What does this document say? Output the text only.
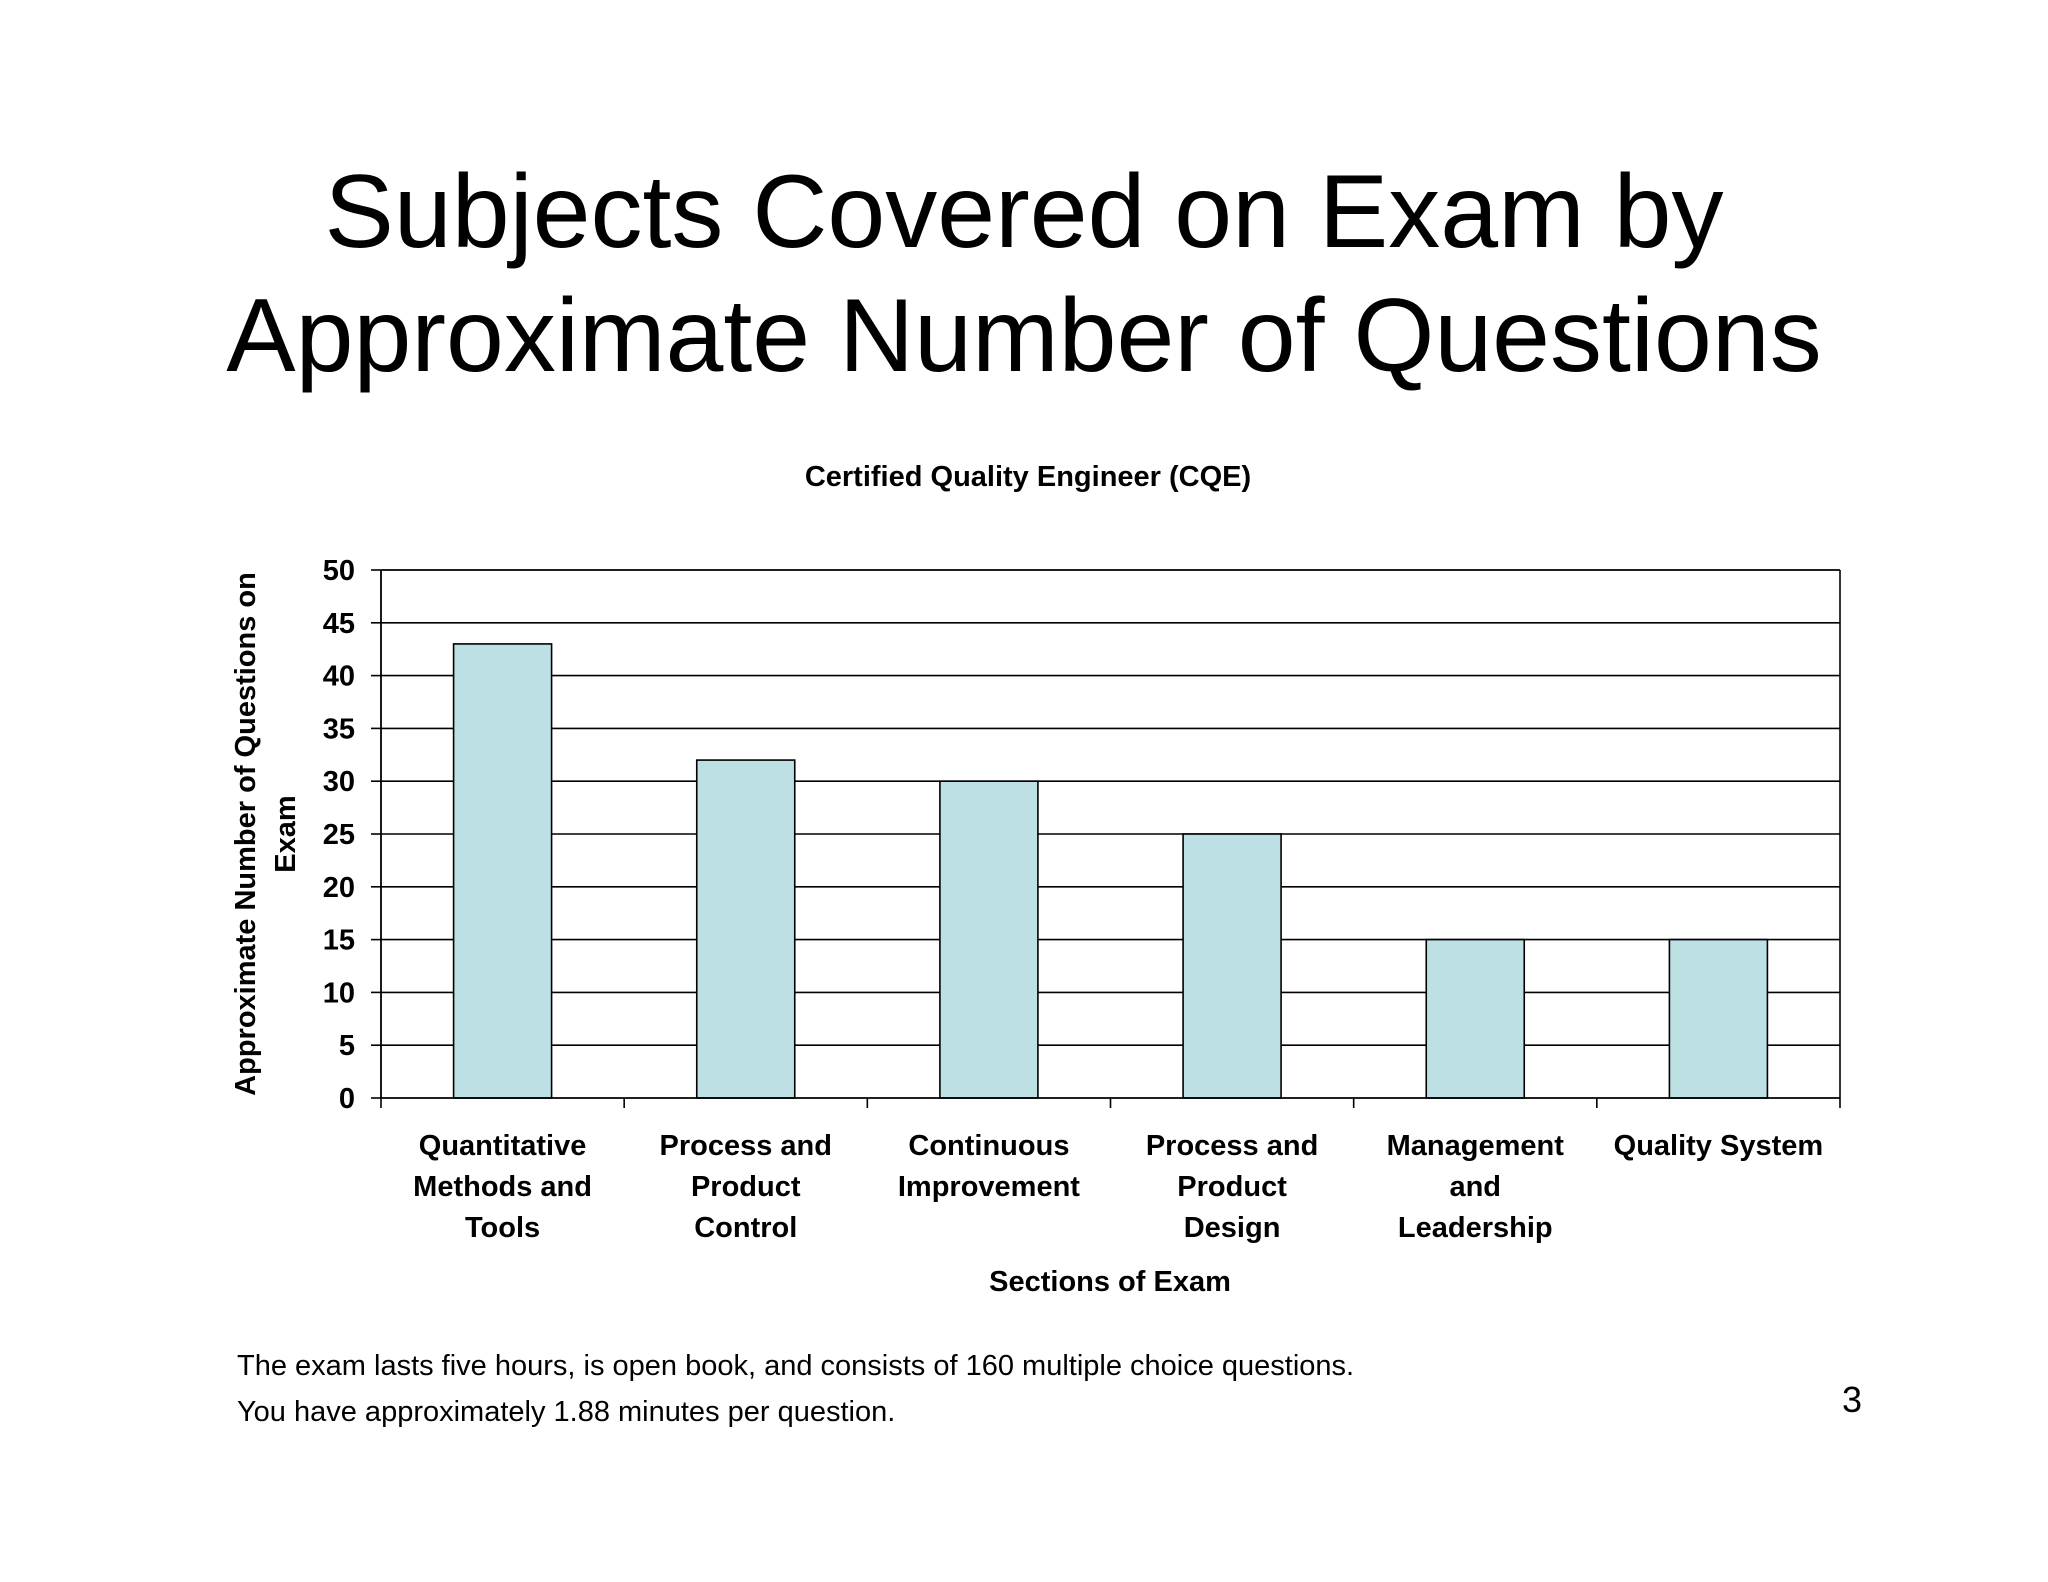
Subjects Covered on Exam by
Approximate Number of Questions
Certified Quality Engineer (CQE)
0
5
10
15
20
25
30
35
40
45
50
Quantitative Methods and Tools
Process and Product Control
Continuous Improvement
Process and Product Design
Management and Leadership
Quality System
Sections of Exam
Approximate Number of Questions on Exam
The exam lasts five hours, is open book, and consists of 160 multiple choice questions.
You have approximately 1.88 minutes per question.	3
